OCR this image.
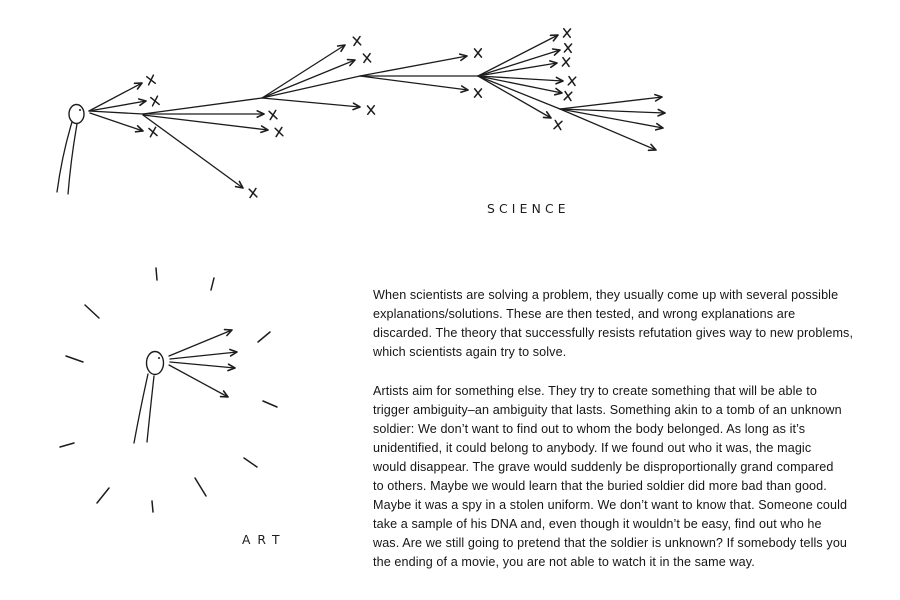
SCIENCE
ART
When scientists are solving a problem, they usually come up with several possible
explanations/solutions. These are then tested, and wrong explanations are
discarded. The theory that successfully resists refutation gives way to new problems,
which scientists again try to solve.
Artists aim for something else. They try to create something that will be able to
trigger ambiguity–an ambiguity that lasts. Something akin to a tomb of an unknown
soldier: We don’t want to find out to whom the body belonged. As long as it’s
unidentified, it could belong to anybody. If we found out who it was, the magic
would disappear. The grave would suddenly be disproportionally grand compared
to others. Maybe we would learn that the buried soldier did more bad than good.
Maybe it was a spy in a stolen uniform. We don’t want to know that. Someone could
take a sample of his DNA and, even though it wouldn’t be easy, find out who he
was. Are we still going to pretend that the soldier is unknown? If somebody tells you
the ending of a movie, you are not able to watch it in the same way.
